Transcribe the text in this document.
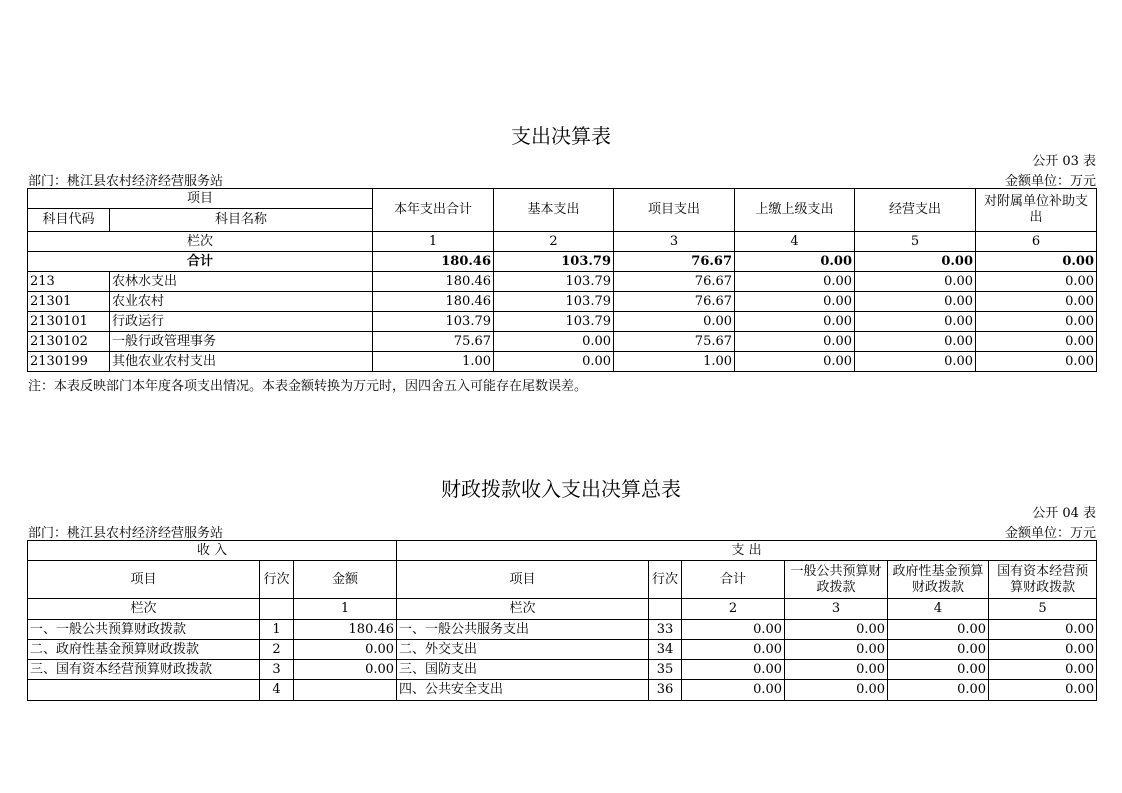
支出决算表
公开 03 表
部门：桃江县农村经济经营服务站	金额单位：万元
项目		本年支出合计	基本支出	项目支出	上缴上级支出	经营支出	对附属单位补助支出
科目代码	科目名称						
栏次		1	2	3	4	5	6
合计		180.46	103.79	76.67	0.00	0.00	0.00
213	农林水支出	180.46	103.79	76.67	0.00	0.00	0.00
21301	农业农村	180.46	103.79	76.67	0.00	0.00	0.00
2130101	行政运行	103.79	103.79	0.00	0.00	0.00	0.00
2130102	一般行政管理事务	75.67	0.00	75.67	0.00	0.00	0.00
2130199	其他农业农村支出	1.00	0.00	1.00	0.00	0.00	0.00
注：本表反映部门本年度各项支出情况。本表金额转换为万元时，因四舍五入可能存在尾数误差。
财政拨款收入支出决算总表
公开 04 表
部门：桃江县农村经济经营服务站	金额单位：万元
收 入			支 出					
项目	行次	金额	项目	行次	合计	一般公共预算财政拨款	政府性基金预算财政拨款	国有资本经营预算财政拨款
栏次		1	栏次		2	3	4	5
一、一般公共预算财政拨款	1	180.46	一、一般公共服务支出	33	0.00	0.00	0.00	0.00
二、政府性基金预算财政拨款	2	0.00	二、外交支出	34	0.00	0.00	0.00	0.00
三、国有资本经营预算财政拨款	3	0.00	三、国防支出	35	0.00	0.00	0.00	0.00
	4		四、公共安全支出	36	0.00	0.00	0.00	0.00
